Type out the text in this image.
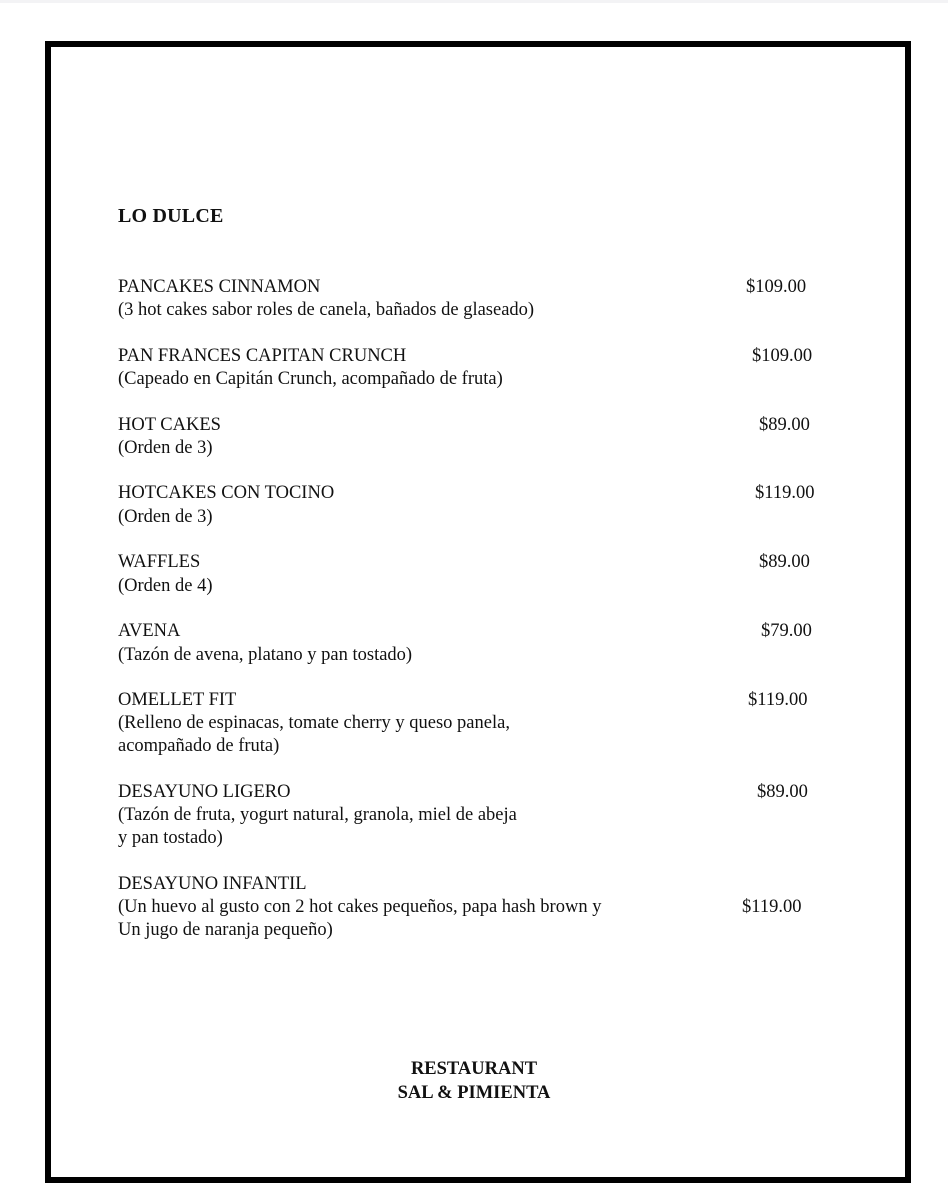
LO DULCE
PANCAKES CINNAMON
(3 hot cakes sabor roles de canela, bañados de glaseado)
$109.00
PAN FRANCES CAPITAN CRUNCH
(Capeado en Capitán Crunch, acompañado de fruta)
$109.00
HOT CAKES
(Orden de 3)
$89.00
HOTCAKES CON TOCINO
(Orden de 3)
$119.00
WAFFLES
(Orden de 4)
$89.00
AVENA
(Tazón de avena, platano y pan tostado)
$79.00
OMELLET FIT
(Relleno de espinacas, tomate cherry y queso panela,
acompañado de fruta)
$119.00
DESAYUNO LIGERO
(Tazón de fruta, yogurt natural, granola, miel de abeja
y pan tostado)
$89.00
DESAYUNO INFANTIL
(Un huevo al gusto con 2 hot cakes pequeños, papa hash brown y
Un jugo de naranja pequeño)
$119.00
RESTAURANT
SAL & PIMIENTA
